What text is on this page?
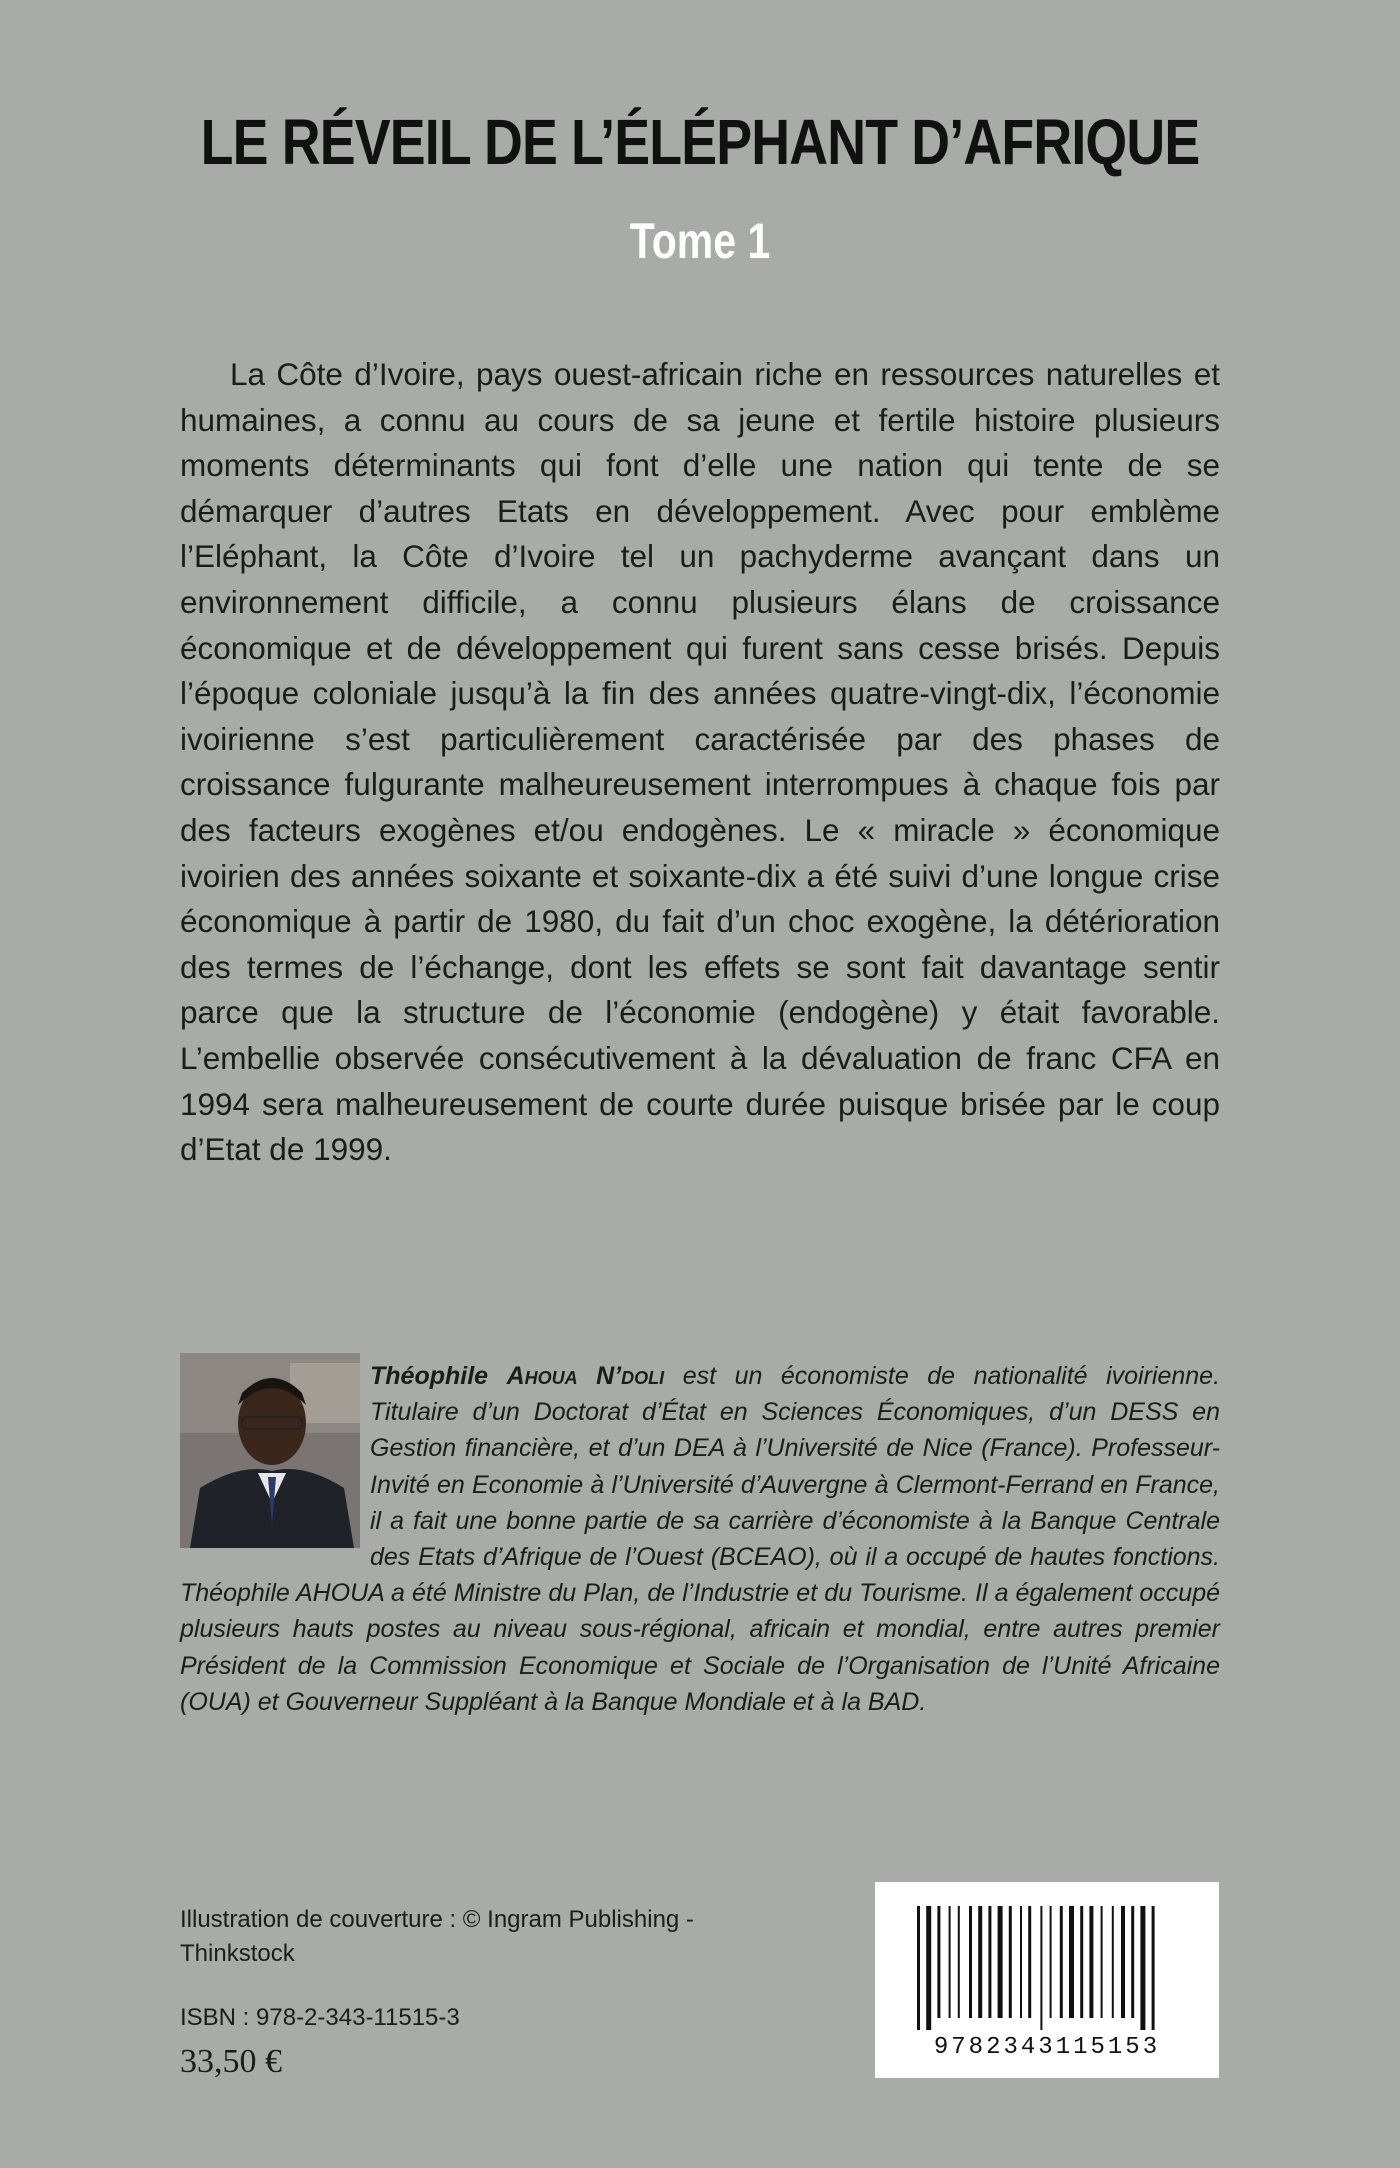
LE RÉVEIL DE L’ÉLÉPHANT D’AFRIQUE
Tome 1

La Côte d’Ivoire, pays ouest-africain riche en ressources naturelles et humaines, a connu au cours de sa jeune et fertile histoire plusieurs moments déterminants qui font d’elle une nation qui tente de se démarquer d’autres Etats en développement. Avec pour emblème l’Eléphant, la Côte d’Ivoire tel un pachyderme avançant dans un environnement difficile, a connu plusieurs élans de croissance économique et de développement qui furent sans cesse brisés. Depuis l’époque coloniale jusqu’à la fin des années quatre-vingt-dix, l’économie ivoirienne s’est particulièrement caractérisée par des phases de croissance fulgurante malheureusement interrompues à chaque fois par des facteurs exogènes et/ou endogènes. Le « miracle » économique ivoirien des années soixante et soixante-dix a été suivi d’une longue crise économique à partir de 1980, du fait d’un choc exogène, la détérioration des termes de l’échange, dont les effets se sont fait davantage sentir parce que la structure de l’économie (endogène) y était favorable. L’embellie observée consécutivement à la dévaluation de franc CFA en 1994 sera malheureusement de courte durée puisque brisée par le coup d’Etat de 1999.

Théophile Ahoua N’doli est un économiste de nationalité ivoirienne. Titulaire d’un Doctorat d’État en Sciences Économiques, d’un DESS en Gestion financière, et d’un DEA à l’Université de Nice (France). Professeur-Invité en Economie à l’Université d’Auvergne à Clermont-Ferrand en France, il a fait une bonne partie de sa carrière d’économiste à la Banque Centrale des Etats d’Afrique de l’Ouest (BCEAO), où il a occupé de hautes fonctions. Théophile AHOUA a été Ministre du Plan, de l’Industrie et du Tourisme. Il a également occupé plusieurs hauts postes au niveau sous-régional, africain et mondial, entre autres premier Président de la Commission Economique et Sociale de l’Organisation de l’Unité Africaine (OUA) et Gouverneur Suppléant à la Banque Mondiale et à la BAD.

Illustration de couverture : © Ingram Publishing - Thinkstock
ISBN : 978-2-343-11515-3
33,50 €	9782343115153
